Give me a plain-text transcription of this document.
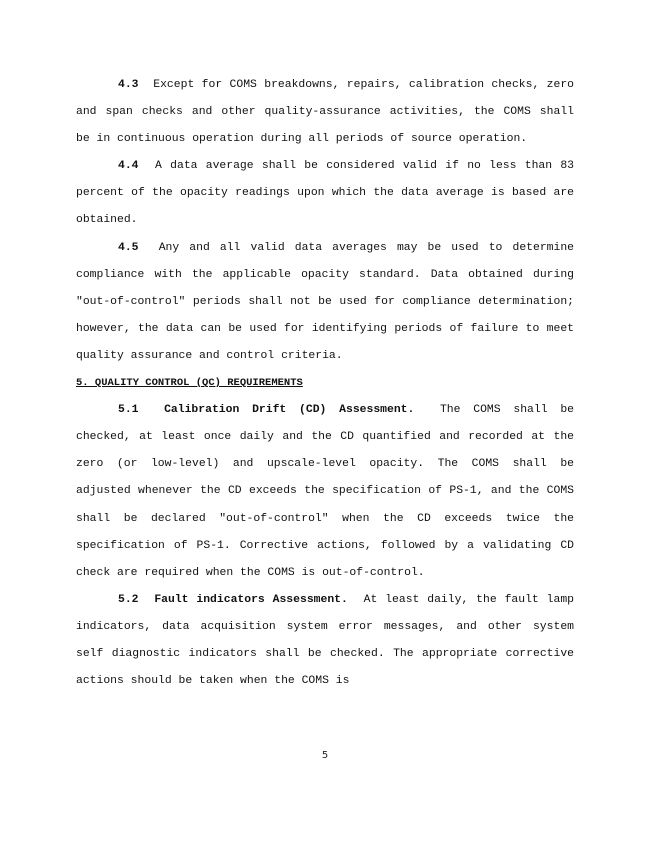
4.3 Except for COMS breakdowns, repairs, calibration checks, zero and span checks and other quality-assurance activities, the COMS shall be in continuous operation during all periods of source operation.

4.4 A data average shall be considered valid if no less than 83 percent of the opacity readings upon which the data average is based are obtained.

4.5 Any and all valid data averages may be used to determine compliance with the applicable opacity standard. Data obtained during "out-of-control" periods shall not be used for compliance determination; however, the data can be used for identifying periods of failure to meet quality assurance and control criteria.

5. QUALITY CONTROL (QC) REQUIREMENTS

5.1 Calibration Drift (CD) Assessment. The COMS shall be checked, at least once daily and the CD quantified and recorded at the zero (or low-level) and upscale-level opacity. The COMS shall be adjusted whenever the CD exceeds the specification of PS-1, and the COMS shall be declared "out-of-control" when the CD exceeds twice the specification of PS-1. Corrective actions, followed by a validating CD check are required when the COMS is out-of-control.

5.2 Fault indicators Assessment. At least daily, the fault lamp indicators, data acquisition system error messages, and other system self diagnostic indicators shall be checked. The appropriate corrective actions should be taken when the COMS is

5
